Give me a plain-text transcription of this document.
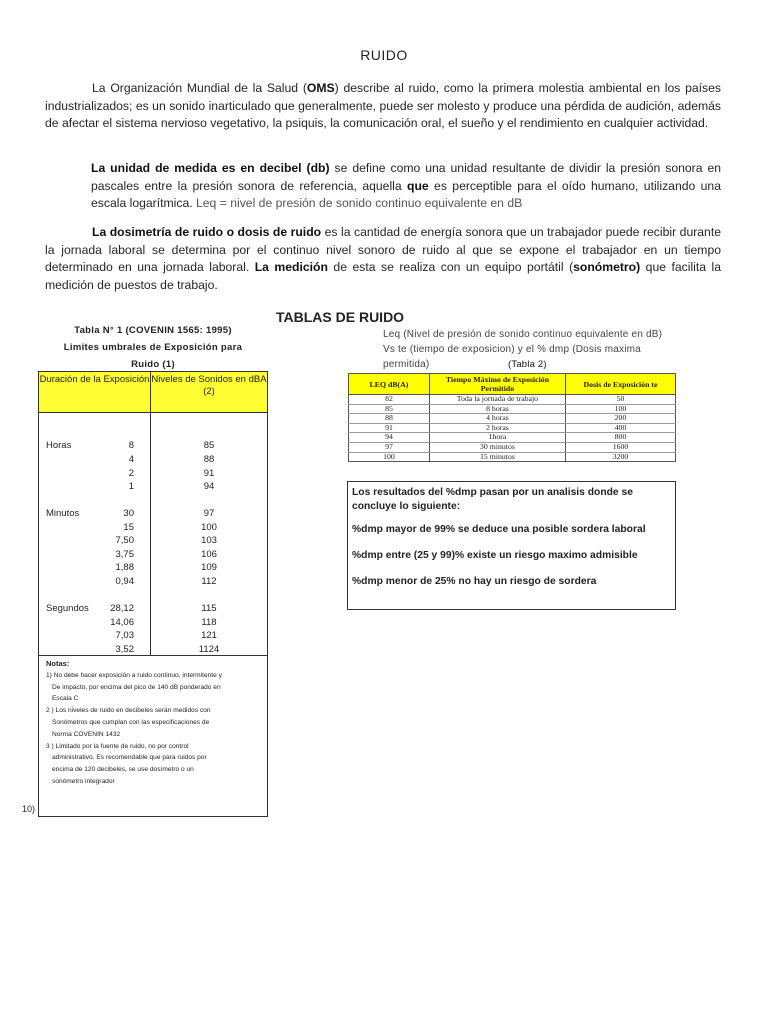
RUIDO
La Organización Mundial de la Salud (OMS) describe al ruido, como la primera molestia ambiental en los países industrializados; es un sonido inarticulado que generalmente, puede ser molesto y produce una pérdida de audición, además de afectar el sistema nervioso vegetativo, la psiquis, la comunicación oral, el sueño y el rendimiento en cualquier actividad.
La unidad de medida es en decibel (db) se define como una unidad resultante de dividir la presión sonora en pascales entre la presión sonora de referencia, aquella que es perceptible para el oído humano, utilizando una escala logarítmica. Leq = nivel de presión de sonido continuo equivalente en dB
La dosimetría de ruido o dosis de ruido es la cantidad de energía sonora que un trabajador puede recibir durante la jornada laboral se determina por el continuo nivel sonoro de ruido al que se expone el trabajador en un tiempo determinado en una jornada laboral. La medición de esta se realiza con un equipo portátil (sonómetro) que facilita la medición de puestos de trabajo.
TABLAS DE RUIDO
Tabla N° 1 (COVENIN 1565: 1995)
Limites umbrales de Exposición para
Ruido (1)
Duración de la Exposición Niveles de Sonidos en dBA
(2)
Horas	8	85
4	88
2	91
1	94
Minutos	30	97
15	100
7,50	103
3,75	106
1,88	109
0,94	112
Segundos	28,12	115
14,06	118
7,03	121
3,52	1124
Notas:
1) No debe hacer exposición a ruido continuo, intermitente y
De impacto, por encima del pico de 140 dB ponderado en
Escala C
2 ) Los niveles de ruido en decibeles serán medidos con
Sonómetros que cumplan con las especificaciones de
Norma COVENIN 1432
3 ) Limitado por la fuente de ruido, no por control
administrativo. Es recomendable que para ruidos por
encima de 120 decibeles, se use dosímetro o un
sonómetro integrador
10)
Leq (Nivel de presión de sonido continuo equivalente en dB) Vs te (tiempo de exposicion) y el % dmp (Dosis maxima permitida)	(Tabla 2)
LEQ dB(A)	Tiempo Máximo de Exposición Permitido	Dosis de Exposición te
82	Toda la jornada de trabajo	50
85	8 horas	100
88	4 horas	200
91	2 horas	400
94	1hora	800
97	30 minutos	1600
100	15 minutos	3200

Los resultados del %dmp pasan por un analisis donde se concluye lo siguiente:

%dmp mayor de 99% se deduce una posible sordera laboral

%dmp entre (25 y 99)% existe un riesgo maximo admisible

%dmp menor de 25% no hay un riesgo de sordera
